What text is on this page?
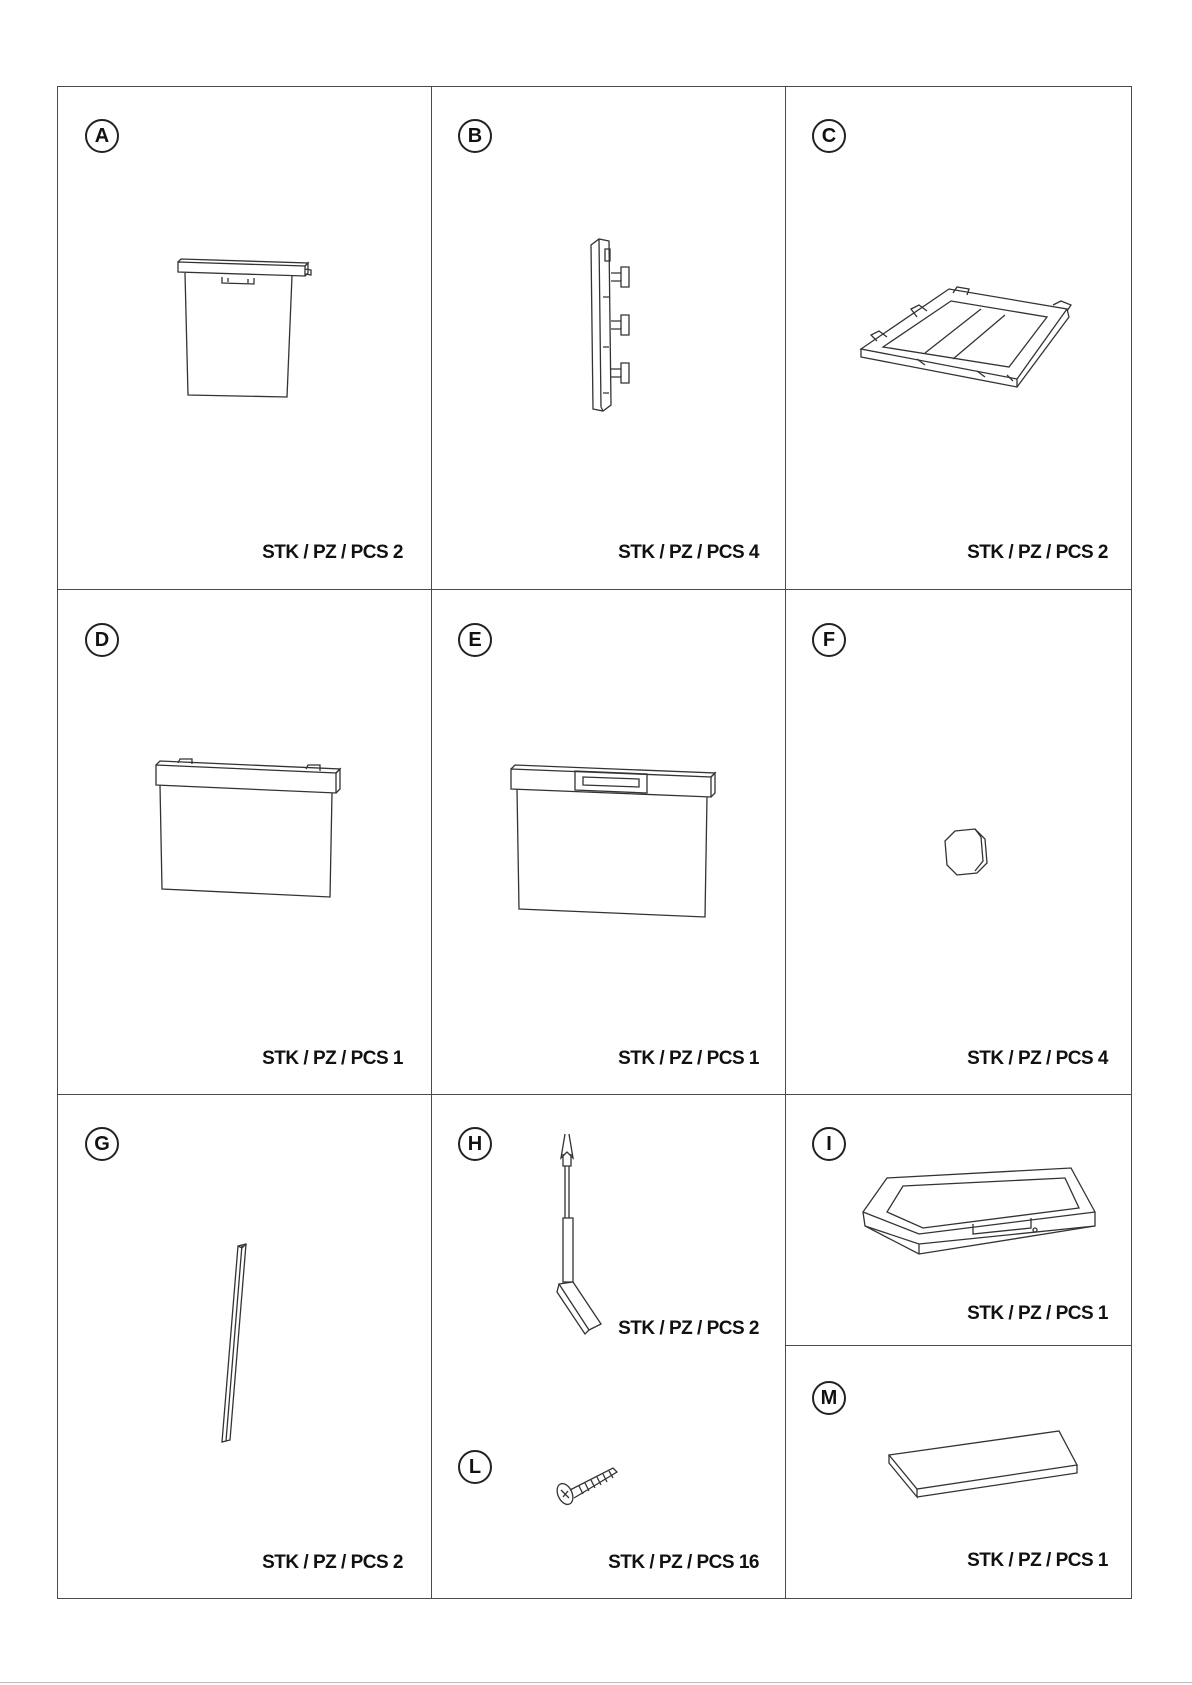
A
STK / PZ / PCS 2
B
STK / PZ / PCS 4
C
STK / PZ / PCS 2
D
STK / PZ / PCS 1
E
STK / PZ / PCS 1
F
STK / PZ / PCS 4
G
STK / PZ / PCS 2
H
STK / PZ / PCS 2
L
STK / PZ / PCS 16
I
STK / PZ / PCS 1
M
STK / PZ / PCS 1
